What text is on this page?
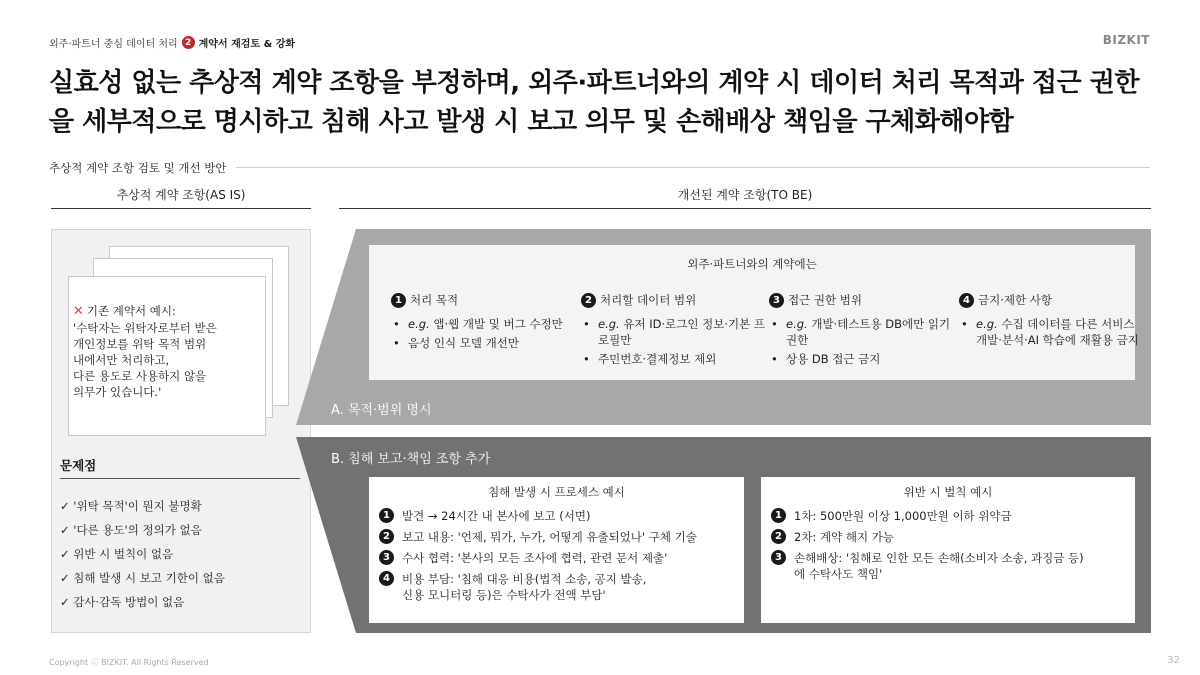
외주·파트너 중심 데이터 처리 2 계약서 재검토 & 강화	BIZKIT
실효성 없는 추상적 계약 조항을 부정하며, 외주·파트너와의 계약 시 데이터 처리 목적과 접근 권한을 세부적으로 명시하고 침해 사고 발생 시 보고 의무 및 손해배상 책임을 구체화해야함
추상적 계약 조항 검토 및 개선 방안
추상적 계약 조항(AS IS)	개선된 계약 조항(TO BE)
✕ 기존 계약서 예시:
'수탁자는 위탁자로부터 받은
개인정보를 위탁 목적 범위
내에서만 처리하고,
다른 용도로 사용하지 않을
의무가 있습니다.'
문제점
✓ '위탁 목적'이 뭔지 불명확
✓ '다른 용도'의 정의가 없음
✓ 위반 시 벌칙이 없음
✓ 침해 발생 시 보고 기한이 없음
✓ 감사·감독 방법이 없음
외주·파트너와의 계약에는
1 처리 목적
• e.g. 앱·웹 개발 및 버그 수정만
• 음성 인식 모델 개선만
2 처리할 데이터 범위
• e.g. 유저 ID·로그인 정보·기본 프로필만
• 주민번호·결제정보 제외
3 접근 권한 범위
• e.g. 개발·테스트용 DB에만 읽기 권한
• 상용 DB 접근 금지
4 금지·제한 사항
• e.g. 수집 데이터를 다른 서비스 개발·분석·AI 학습에 재활용 금지
A. 목적·범위 명시
B. 침해 보고·책임 조항 추가
침해 발생 시 프로세스 예시
1	발견 → 24시간 내 본사에 보고 (서면)
2	보고 내용: '언제, 뭐가, 누가, 어떻게 유출되었나' 구체 기술
3	수사 협력: '본사의 모든 조사에 협력, 관련 문서 제출'
4	비용 부담: '침해 대응 비용(법적 소송, 공지 발송,
신용 모니터링 등)은 수탁사가 전액 부담'
위반 시 벌칙 예시
1	1차: 500만원 이상 1,000만원 이하 위약금
2	2차: 계약 해지 가능
3	손해배상: '침해로 인한 모든 손해(소비자 소송, 과징금 등)
에 수탁사도 책임'
Copyright ⓒ BIZKIT. All Rights Reserved	32
